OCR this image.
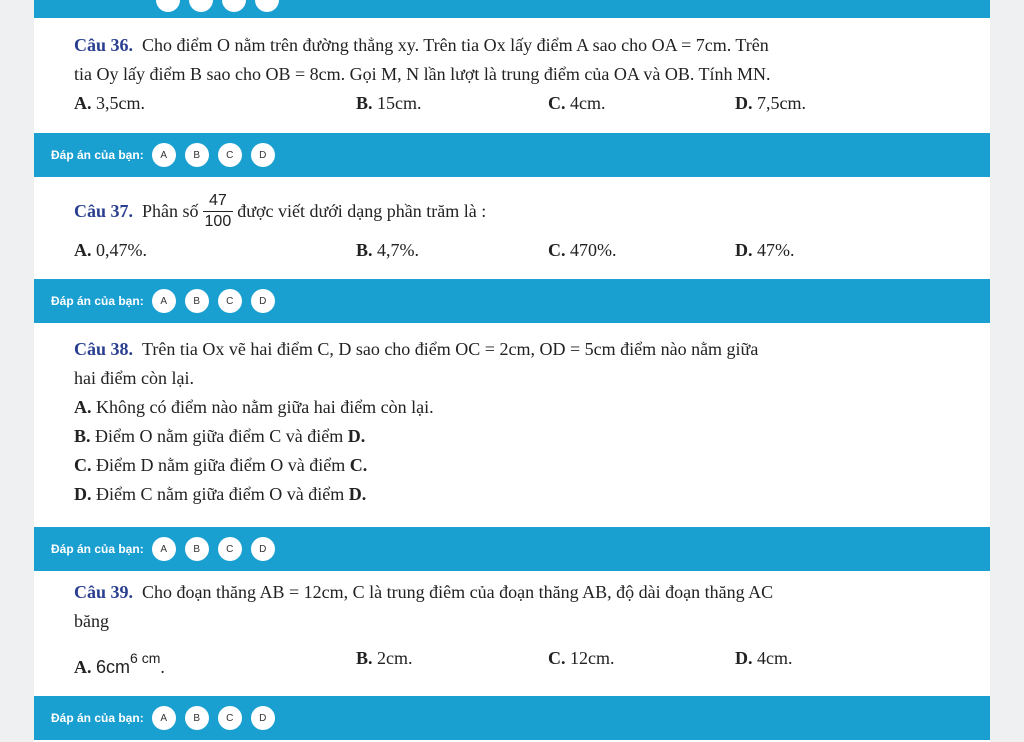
Câu 36. Cho điểm O nằm trên đường thẳng xy. Trên tia Ox lấy điểm A sao cho OA = 7cm. Trên
tia Oy lấy điểm B sao cho OB = 8cm. Gọi M, N lần lượt là trung điểm của OA và OB. Tính MN.
A. 3,5cm.	B. 15cm.	C. 4cm.	D. 7,5cm.
Đáp án của bạn:	A	B	C	D
Câu 37.
Phân số $\frac{47}{100}$ được viết dưới dạng phần trăm là :
A. 0,47%.	B. 4,7%.	C. 470%.	D. 47%.
Đáp án của bạn:	A	B	C	D
Câu 38. Trên tia Ox vẽ hai điểm C, D sao cho điểm OC = 2cm, OD = 5cm điểm nào nằm giữa
hai điểm còn lại.
A. Không có điểm nào nằm giữa hai điểm còn lại.
B. Điểm O nằm giữa điểm C và điểm D.
C. Điểm D nằm giữa điểm O và điểm C.
D. Điểm C nằm giữa điểm O và điểm D.
Đáp án của bạn:	A	B	C	D
Câu 39. Cho đoạn thăng AB = 12cm, C là trung điêm của đoạn thăng AB, độ dài đoạn thăng AC
băng
A. $6cm^{6 cm}$.	B. 2cm.	C. 12cm.	D. 4cm.
Đáp án của bạn:	A	B	C	D
